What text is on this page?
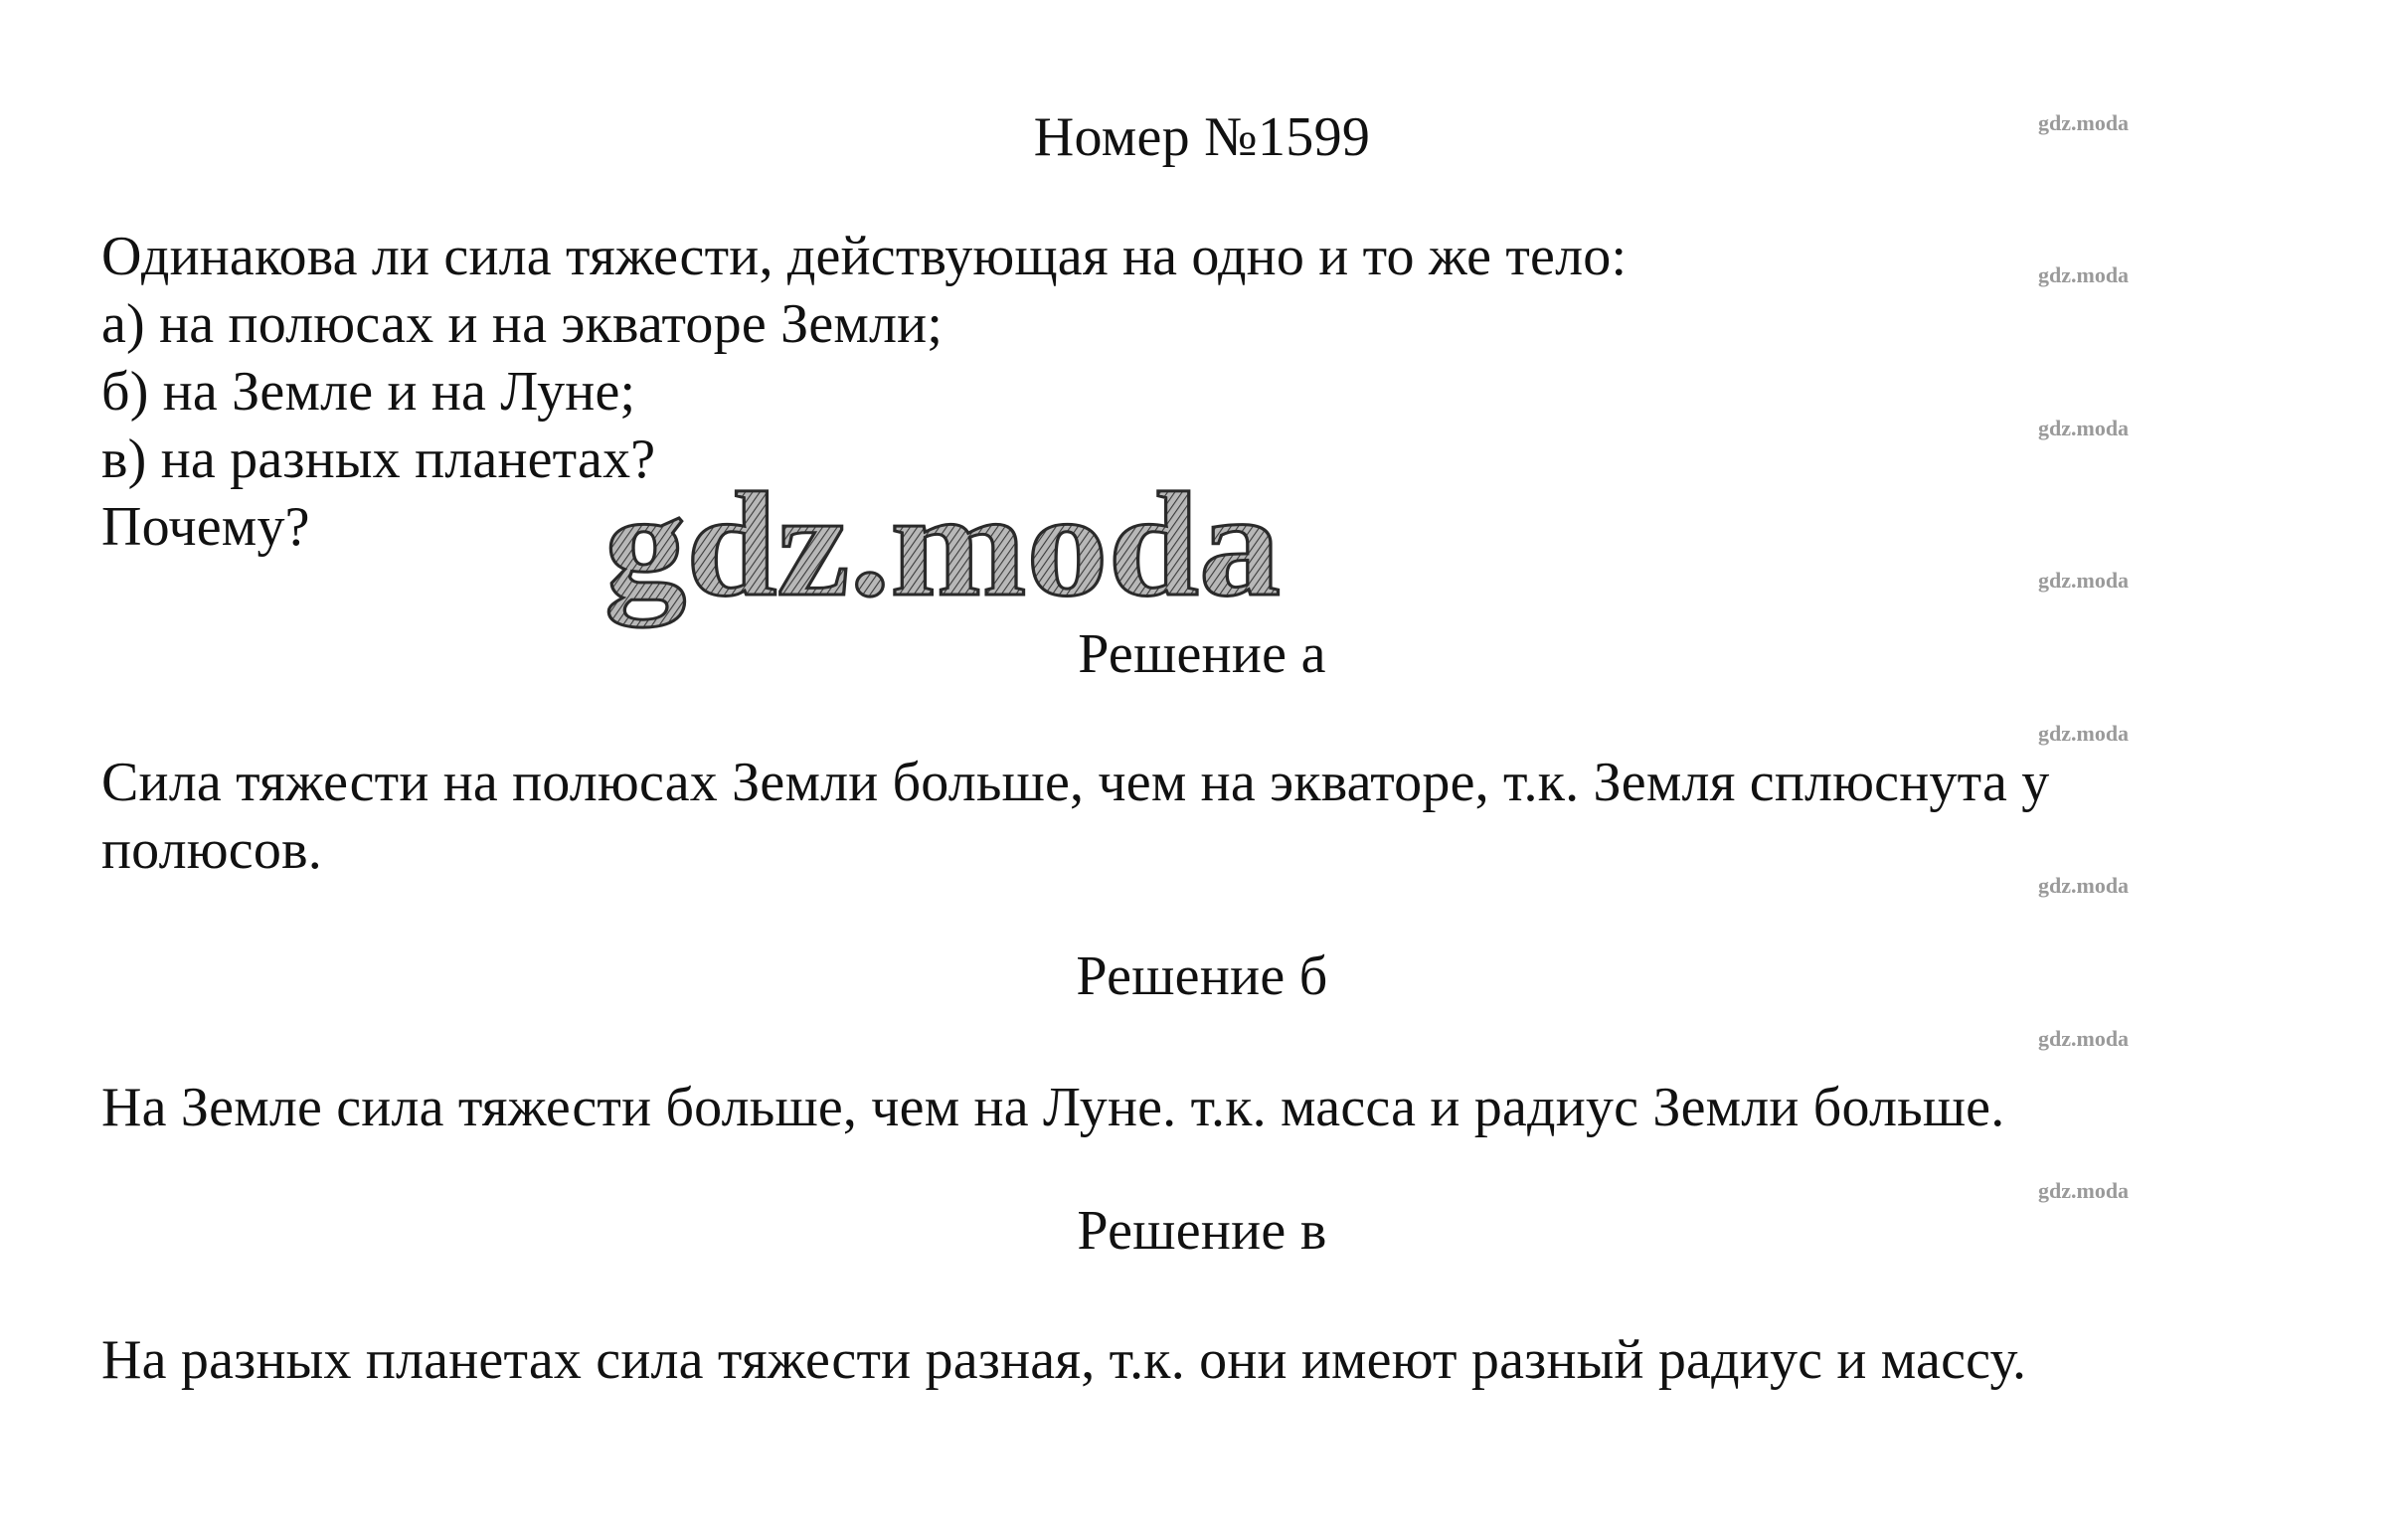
Номер №1599
Одинакова ли сила тяжести, действующая на одно и то же тело:
а) на полюсах и на экваторе Земли;
б) на Земле и на Луне;
в) на разных планетах?
Почему?
Решение а
Сила тяжести на полюсах Земли больше, чем на экваторе, т.к. Земля сплюснута у
полюсов.
Решение б
На Земле сила тяжести больше, чем на Луне. т.к. масса и радиус Земли больше.
Решение в
На разных планетах сила тяжести разная, т.к. они имеют разный радиус и массу.
gdz.moda
gdz.moda
gdz.moda
gdz.moda
gdz.moda
gdz.moda
gdz.moda
gdz.moda
gdz.moda
